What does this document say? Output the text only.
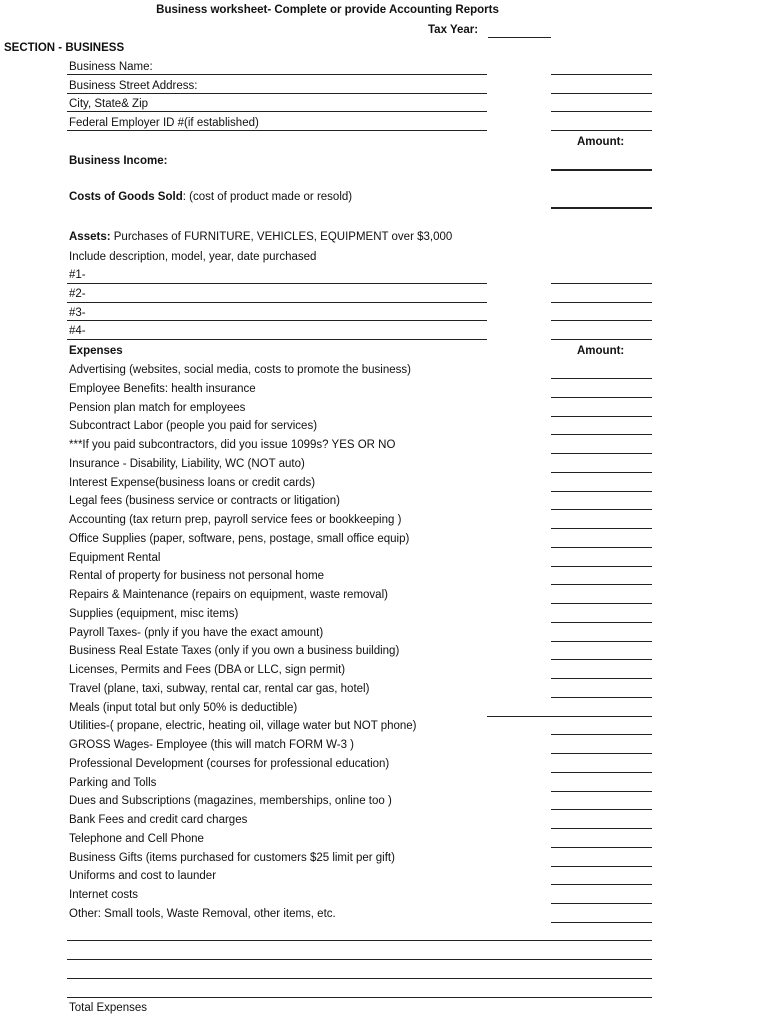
Business worksheet- Complete or provide Accounting Reports
Tax Year:
SECTION - BUSINESS
Business Name:
Business Street Address:
City, State& Zip
Federal Employer ID #(if established)
Amount:
Business Income:
Costs of Goods Sold: (cost of product made or resold)
Assets: Purchases of FURNITURE, VEHICLES, EQUIPMENT over $3,000
Include description, model, year, date purchased
#1-
#2-
#3-
#4-
Expenses	Amount:
Advertising (websites, social media, costs to promote the business)
Employee Benefits: health insurance
Pension plan match for employees
Subcontract Labor (people you paid for services)
***If you paid subcontractors, did you issue 1099s? YES OR NO
Insurance - Disability, Liability, WC (NOT auto)
Interest Expense(business loans or credit cards)
Legal fees (business service or contracts or litigation)
Accounting (tax return prep, payroll service fees or bookkeeping )
Office Supplies (paper, software, pens, postage, small office equip)
Equipment Rental
Rental of property for business not personal home
Repairs & Maintenance (repairs on equipment, waste removal)
Supplies (equipment, misc items)
Payroll Taxes- (pnly if you have the exact amount)
Business Real Estate Taxes (only if you own a business building)
Licenses, Permits and Fees (DBA or LLC, sign permit)
Travel (plane, taxi, subway, rental car, rental car gas, hotel)
Meals (input total but only 50% is deductible)
Utilities-( propane, electric, heating oil, village water but NOT phone)
GROSS Wages- Employee (this will match FORM W-3 )
Professional Development (courses for professional education)
Parking and Tolls
Dues and Subscriptions (magazines, memberships, online too )
Bank Fees and credit card charges
Telephone and Cell Phone
Business Gifts (items purchased for customers $25 limit per gift)
Uniforms and cost to launder
Internet costs
Other: Small tools, Waste Removal, other items, etc.
Total Expenses
